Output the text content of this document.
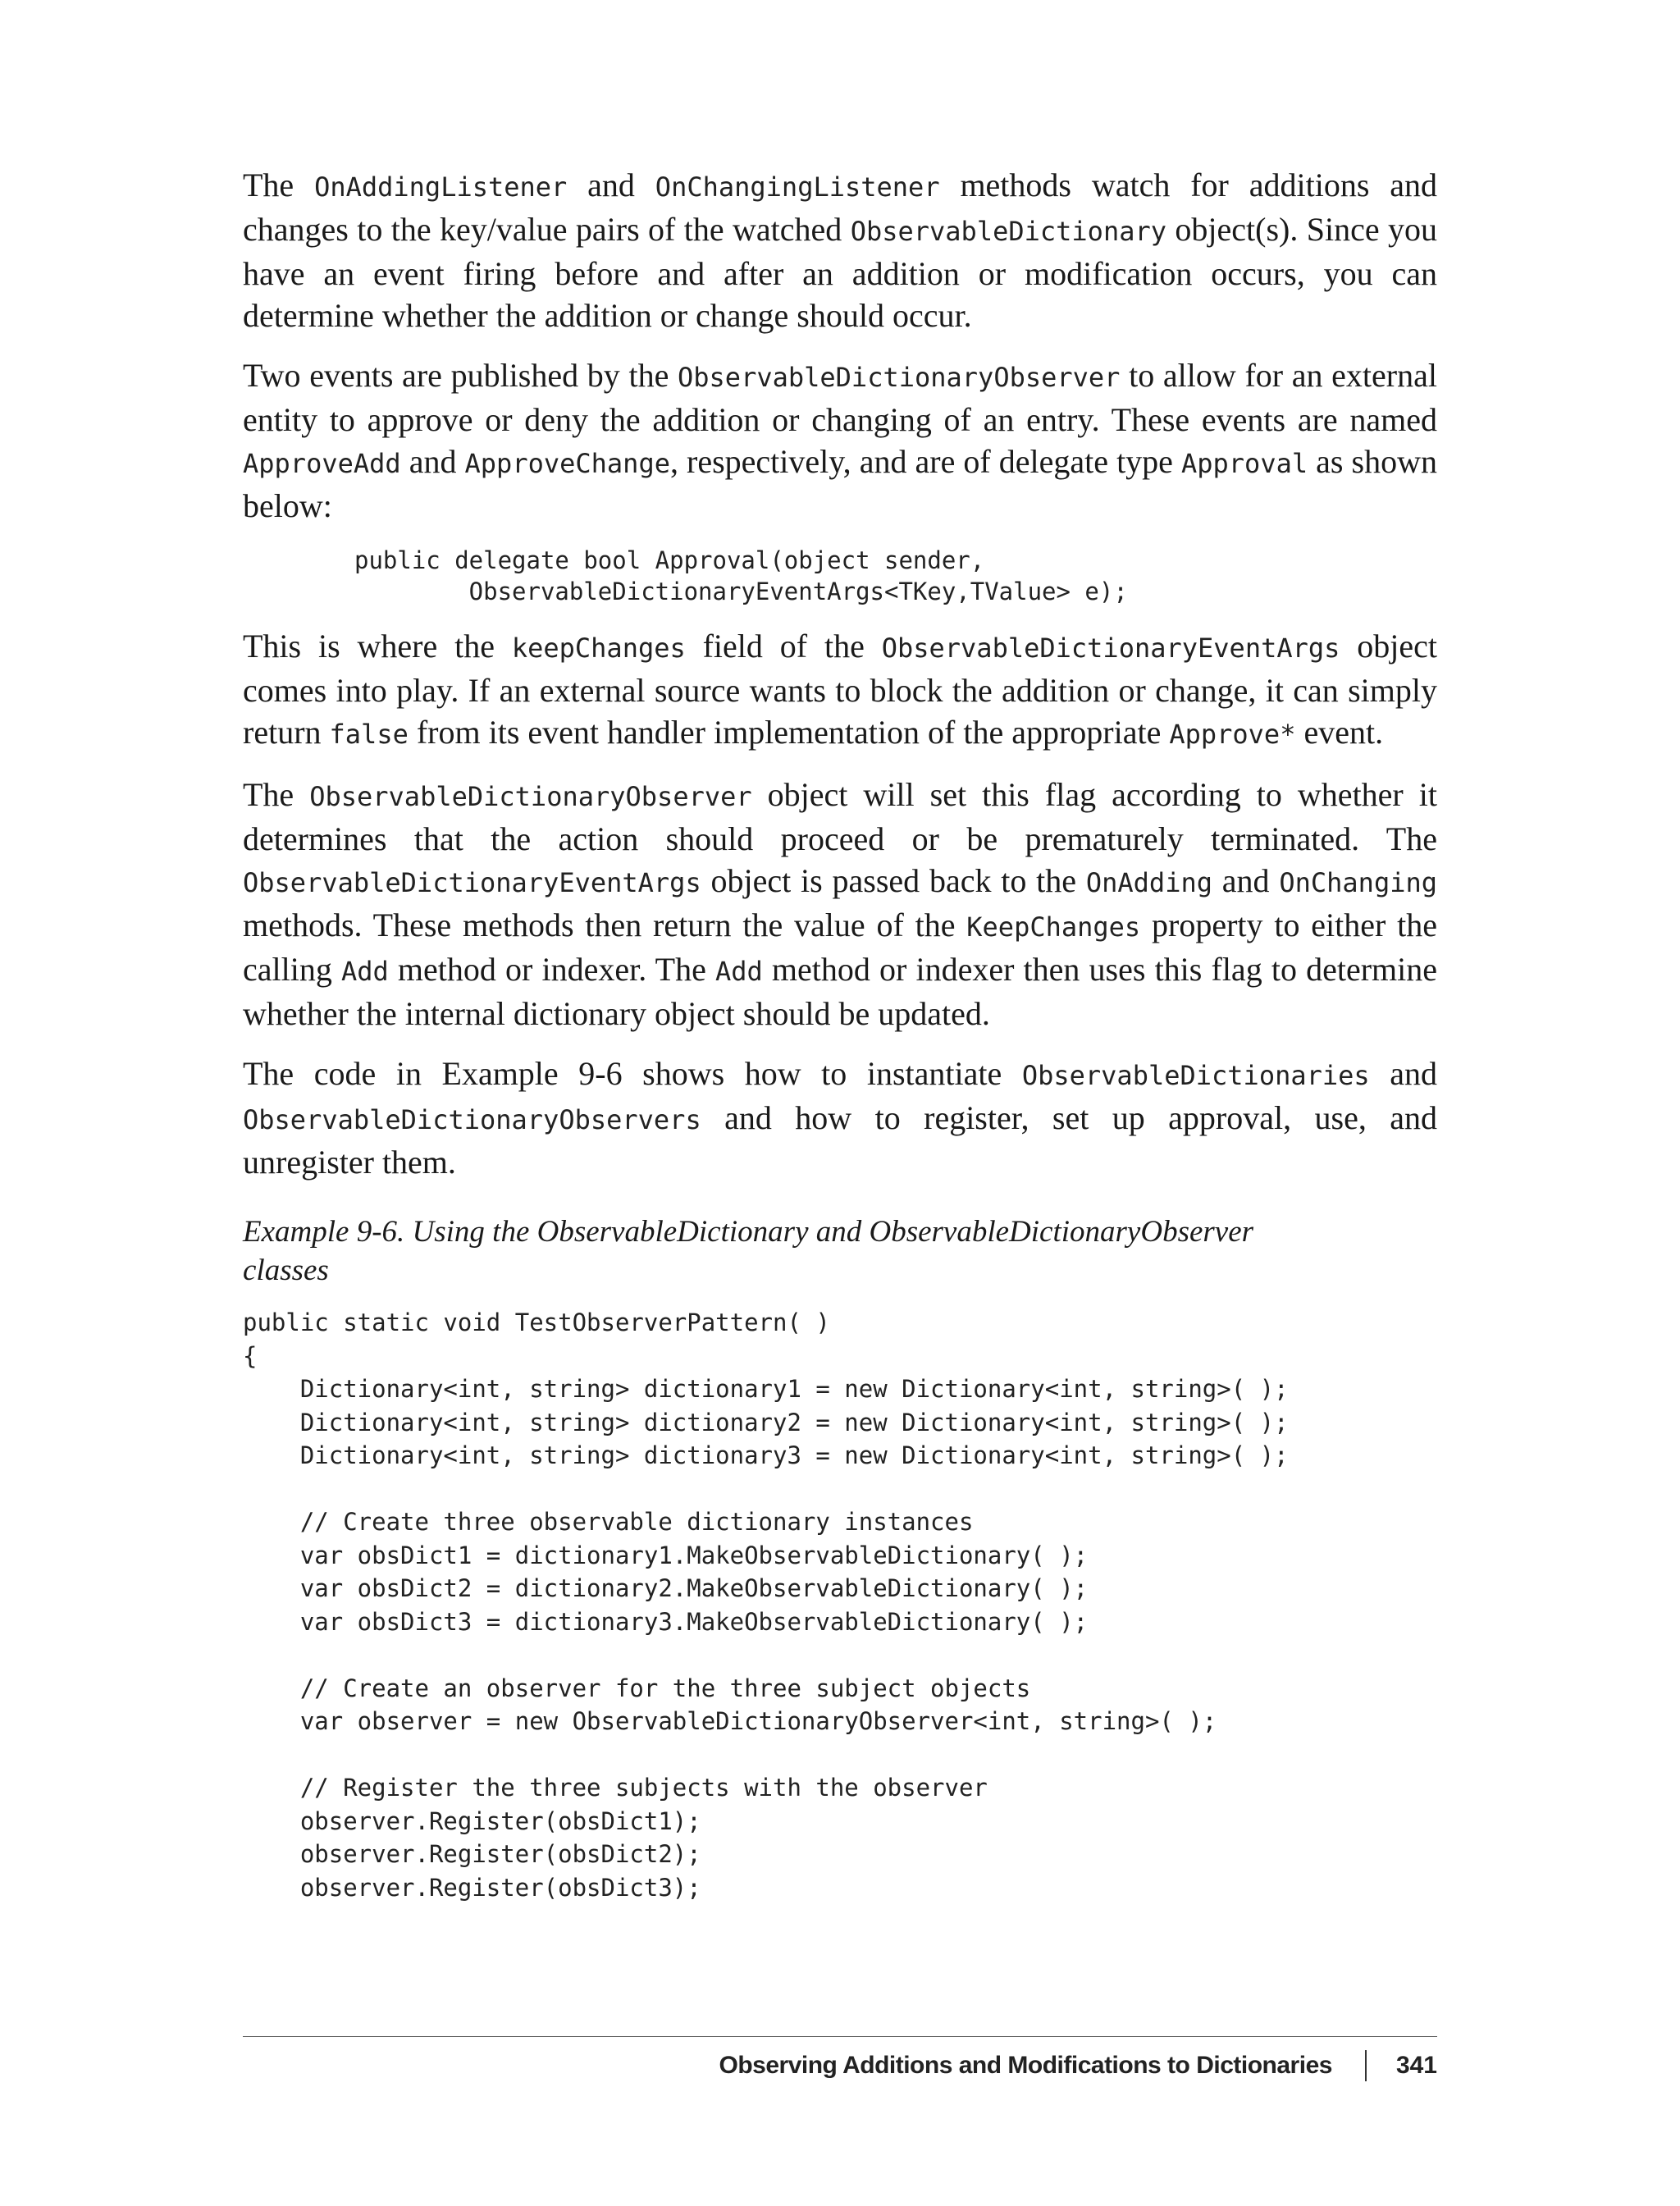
The OnAddingListener and OnChangingListener methods watch for additions and changes to the key/value pairs of the watched ObservableDictionary object(s). Since you have an event firing before and after an addition or modification occurs, you can determine whether the addition or change should occur.

Two events are published by the ObservableDictionaryObserver to allow for an external entity to approve or deny the addition or changing of an entry. These events are named ApproveAdd and ApproveChange, respectively, and are of delegate type Approval as shown below:

public delegate bool Approval(object sender,
ObservableDictionaryEventArgs<TKey,TValue> e);

This is where the keepChanges field of the ObservableDictionaryEventArgs object comes into play. If an external source wants to block the addition or change, it can simply return false from its event handler implementation of the appropriate Approve* event.

The ObservableDictionaryObserver object will set this flag according to whether it determines that the action should proceed or be prematurely terminated. The ObservableDictionaryEventArgs object is passed back to the OnAdding and OnChanging methods. These methods then return the value of the KeepChanges property to either the calling Add method or indexer. The Add method or indexer then uses this flag to determine whether the internal dictionary object should be updated.

The code in Example 9-6 shows how to instantiate ObservableDictionaries and ObservableDictionaryObservers and how to register, set up approval, use, and unregister them.

Example 9-6. Using the ObservableDictionary and ObservableDictionaryObserver classes
public static void TestObserverPattern( )
{
Dictionary<int, string> dictionary1 = new Dictionary<int, string>( );
Dictionary<int, string> dictionary2 = new Dictionary<int, string>( );
Dictionary<int, string> dictionary3 = new Dictionary<int, string>( );

// Create three observable dictionary instances
var obsDict1 = dictionary1.MakeObservableDictionary( );
var obsDict2 = dictionary2.MakeObservableDictionary( );
var obsDict3 = dictionary3.MakeObservableDictionary( );

// Create an observer for the three subject objects
var observer = new ObservableDictionaryObserver<int, string>( );

// Register the three subjects with the observer
observer.Register(obsDict1);
observer.Register(obsDict2);
observer.Register(obsDict3);
Observing Additions and Modifications to Dictionaries	341
